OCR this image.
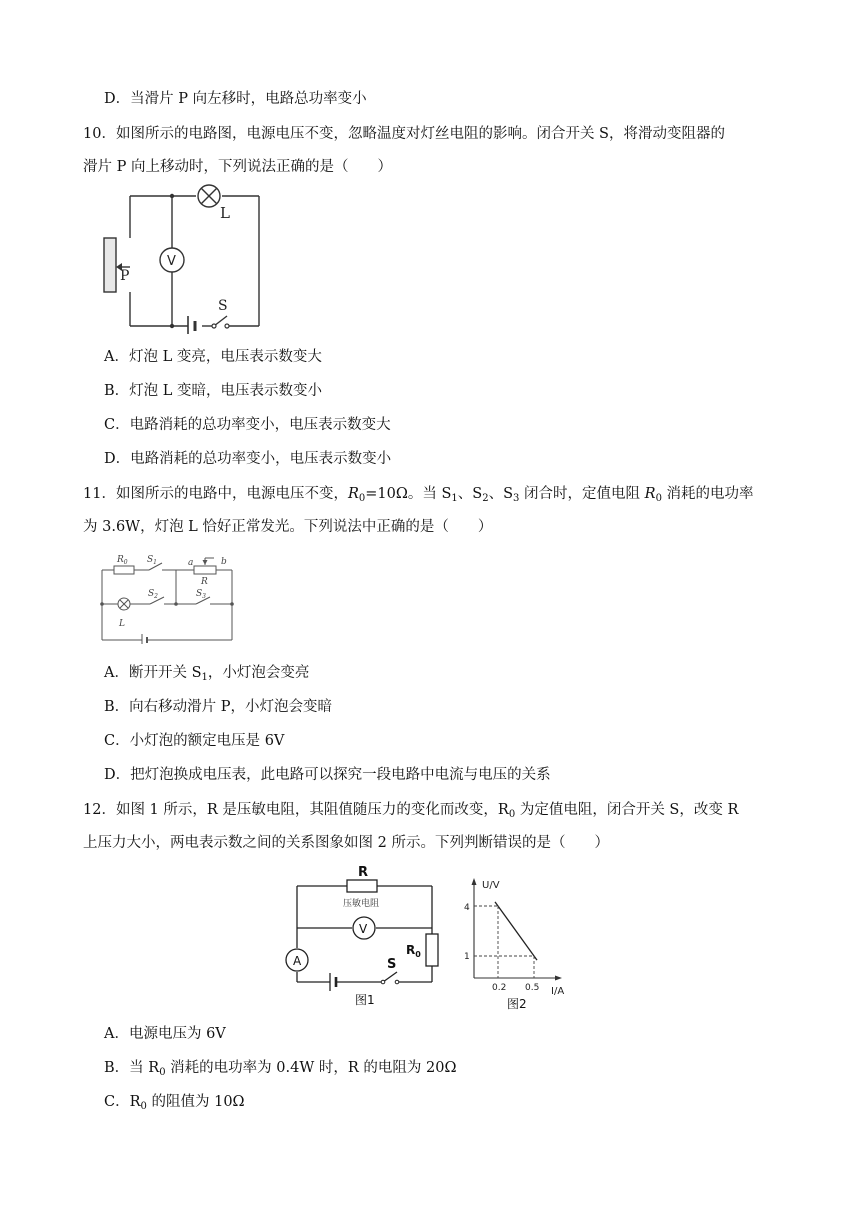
D．当滑片 P 向左移时，电路总功率变小
10．如图所示的电路图，电源电压不变，忽略温度对灯丝电阻的影响。闭合开关 S，将滑动变阻器的
滑片 P 向上移动时，下列说法正确的是（　　）
L
V
P
S
A．灯泡 L 变亮，电压表示数变大
B．灯泡 L 变暗，电压表示数变小
C．电路消耗的总功率变小，电压表示数变大
D．电路消耗的总功率变小，电压表示数变小
11．如图所示的电路中，电源电压不变，$R_0=10\Omega$。当 $S_1$、$S_2$、$S_3$ 闭合时，定值电阻 $R_0$ 消耗的电功率
为 3.6W，灯泡 L 恰好正常发光。下列说法中正确的是（　　）
$R_0$ $S_1$	a	b
R
$S_2$	$S_3$
L
A．断开开关 $S_1$，小灯泡会变亮
B．向右移动滑片 P，小灯泡会变暗
C．小灯泡的额定电压是 6V
D．把灯泡换成电压表，此电路可以探究一段电路中电流与电压的关系
12．如图 1 所示，R 是压敏电阻，其阻值随压力的变化而改变，$R_0$ 为定值电阻，闭合开关 S，改变 R
上压力大小，两电表示数之间的关系图象如图 2 所示。下列判断错误的是（　　）
R
压敏电阻
V
A	S
$R_0$
图1
U/V
I/A
4
1
0.2 0.5
图2
A．电源电压为 6V
B．当 $R_0$ 消耗的电功率为 0.4W 时，R 的电阻为 20Ω
C．$R_0$ 的阻值为 10Ω
